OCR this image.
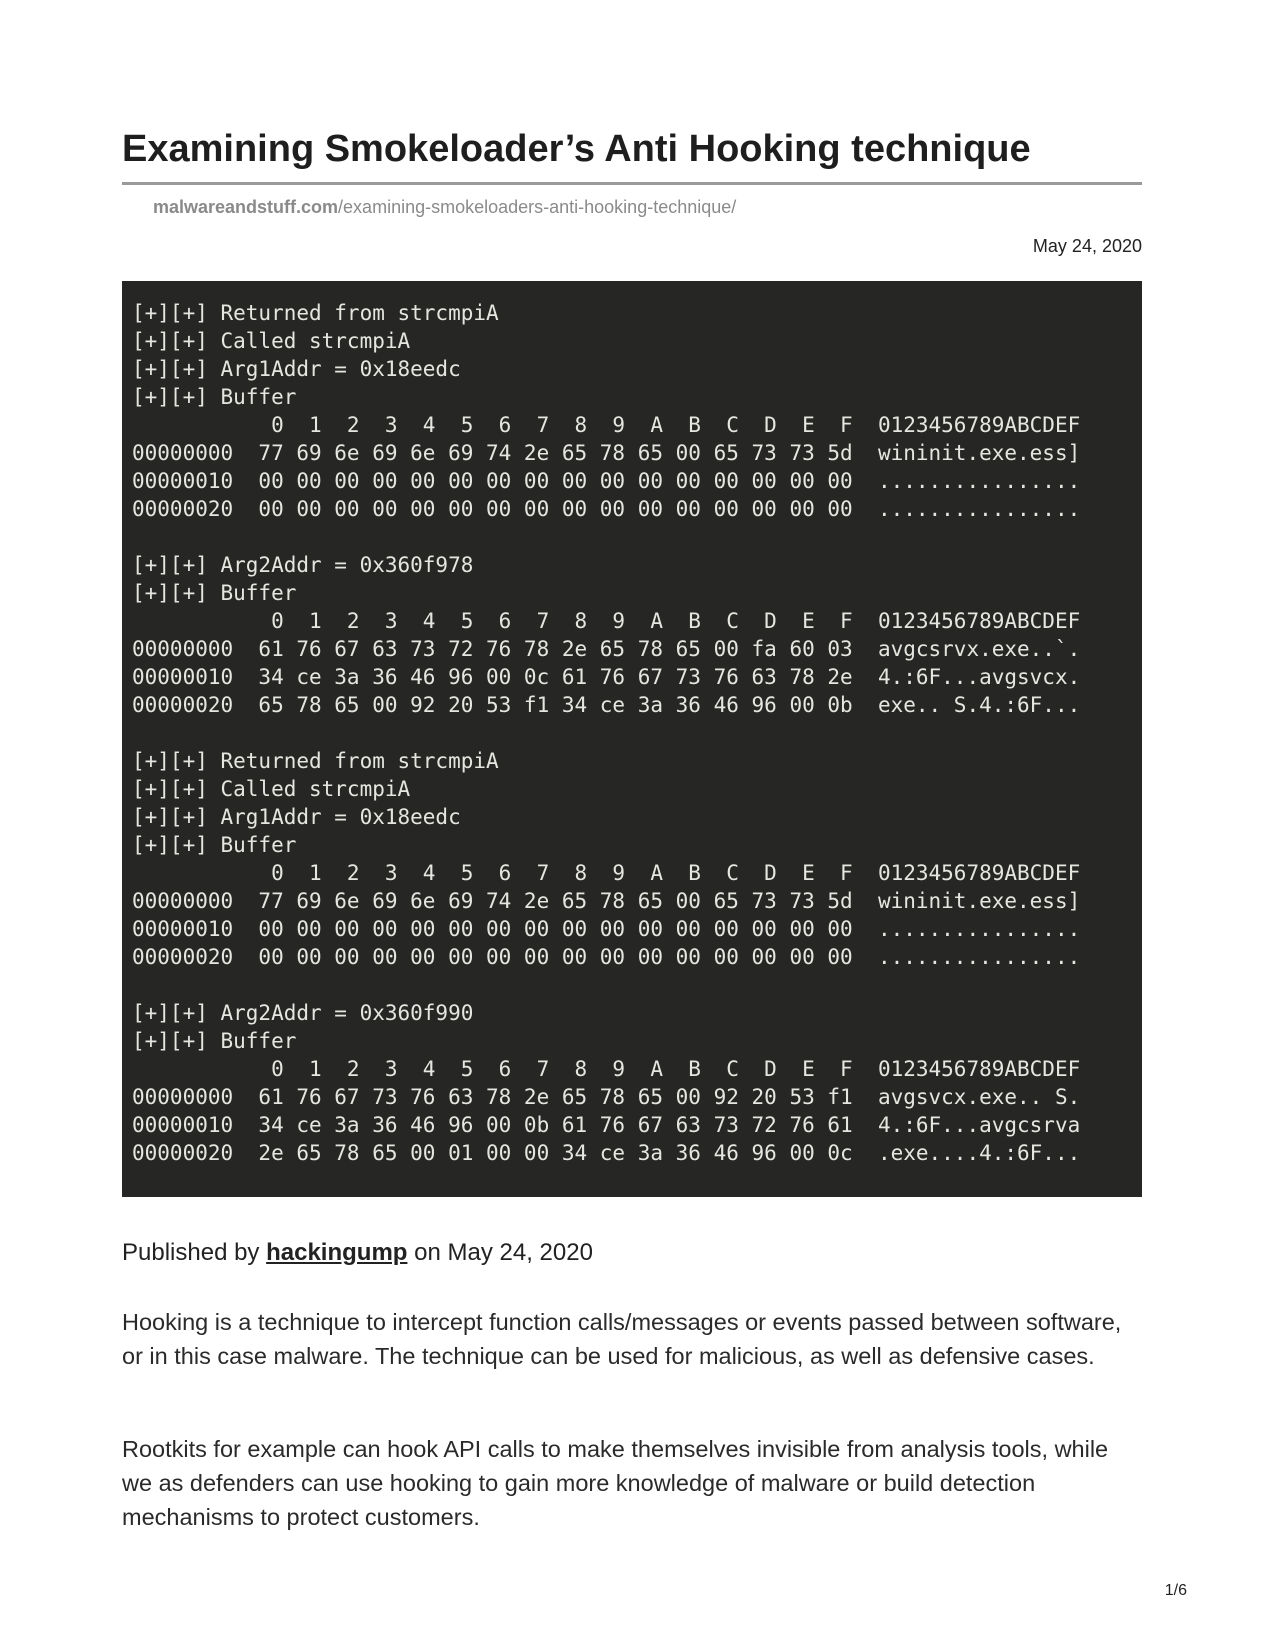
Examining Smokeloader’s Anti Hooking technique
malwareandstuff.com/examining-smokeloaders-anti-hooking-technique/
May 24, 2020
[+][+] Returned from strcmpiA
[+][+] Called strcmpiA
[+][+] Arg1Addr = 0x18eedc
[+][+] Buffer
0  1  2  3  4  5  6  7  8  9  A  B  C  D  E  F  0123456789ABCDEF
00000000  77 69 6e 69 6e 69 74 2e 65 78 65 00 65 73 73 5d  wininit.exe.ess]
00000010  00 00 00 00 00 00 00 00 00 00 00 00 00 00 00 00  ................
00000020  00 00 00 00 00 00 00 00 00 00 00 00 00 00 00 00  ................
[+][+] Arg2Addr = 0x360f978
[+][+] Buffer
0  1  2  3  4  5  6  7  8  9  A  B  C  D  E  F  0123456789ABCDEF
00000000  61 76 67 63 73 72 76 78 2e 65 78 65 00 fa 60 03  avgcsrvx.exe..`.
00000010  34 ce 3a 36 46 96 00 0c 61 76 67 73 76 63 78 2e  4.:6F...avgsvcx.
00000020  65 78 65 00 92 20 53 f1 34 ce 3a 36 46 96 00 0b  exe.. S.4.:6F...
[+][+] Returned from strcmpiA
[+][+] Called strcmpiA
[+][+] Arg1Addr = 0x18eedc
[+][+] Buffer
0  1  2  3  4  5  6  7  8  9  A  B  C  D  E  F  0123456789ABCDEF
00000000  77 69 6e 69 6e 69 74 2e 65 78 65 00 65 73 73 5d  wininit.exe.ess]
00000010  00 00 00 00 00 00 00 00 00 00 00 00 00 00 00 00  ................
00000020  00 00 00 00 00 00 00 00 00 00 00 00 00 00 00 00  ................
[+][+] Arg2Addr = 0x360f990
[+][+] Buffer
0  1  2  3  4  5  6  7  8  9  A  B  C  D  E  F  0123456789ABCDEF
00000000  61 76 67 73 76 63 78 2e 65 78 65 00 92 20 53 f1  avgsvcx.exe.. S.
00000010  34 ce 3a 36 46 96 00 0b 61 76 67 63 73 72 76 61  4.:6F...avgcsrva
00000020  2e 65 78 65 00 01 00 00 34 ce 3a 36 46 96 00 0c  .exe....4.:6F...
Published by hackingump on May 24, 2020

Hooking is a technique to intercept function calls/messages or events passed between software, or in this case malware. The technique can be used for malicious, as well as defensive cases.

Rootkits for example can hook API calls to make themselves invisible from analysis tools, while we as defenders can use hooking to gain more knowledge of malware or build detection mechanisms to protect customers.

1/6
